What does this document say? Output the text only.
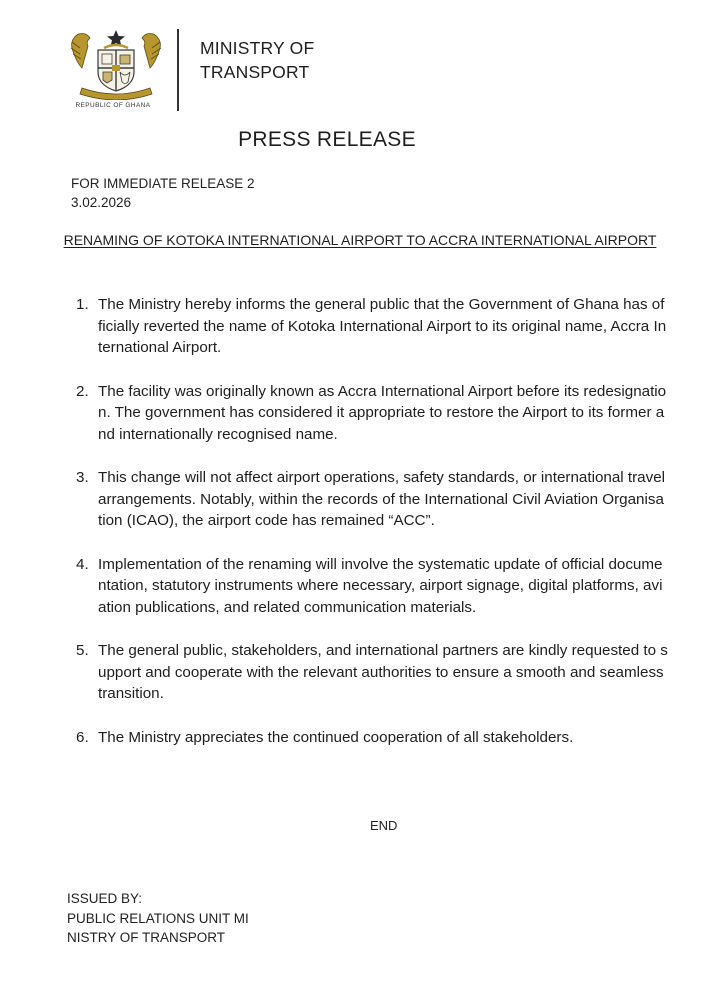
REPUBLIC OF GHANA
MINISTRY OF
TRANSPORT
PRESS RELEASE
FOR IMMEDIATE RELEASE 2
3.02.2026
RENAMING OF KOTOKA INTERNATIONAL AIRPORT TO ACCRA INTERNATIONAL AIRPORT
1. The Ministry hereby informs the general public that the Government of Ghana has officially reverted the name of Kotoka International Airport to its original name, Accra International Airport.
2. The facility was originally known as Accra International Airport before its redesignation. The government has considered it appropriate to restore the Airport to its former and internationally recognised name.
3. This change will not affect airport operations, safety standards, or international travel arrangements. Notably, within the records of the International Civil Aviation Organisation (ICAO), the airport code has remained “ACC”.
4. Implementation of the renaming will involve the systematic update of official documentation, statutory instruments where necessary, airport signage, digital platforms, aviation publications, and related communication materials.
5. The general public, stakeholders, and international partners are kindly requested to support and cooperate with the relevant authorities to ensure a smooth and seamless transition.
6. The Ministry appreciates the continued cooperation of all stakeholders.
END
ISSUED BY:
PUBLIC RELATIONS UNIT MI
NISTRY OF TRANSPORT
